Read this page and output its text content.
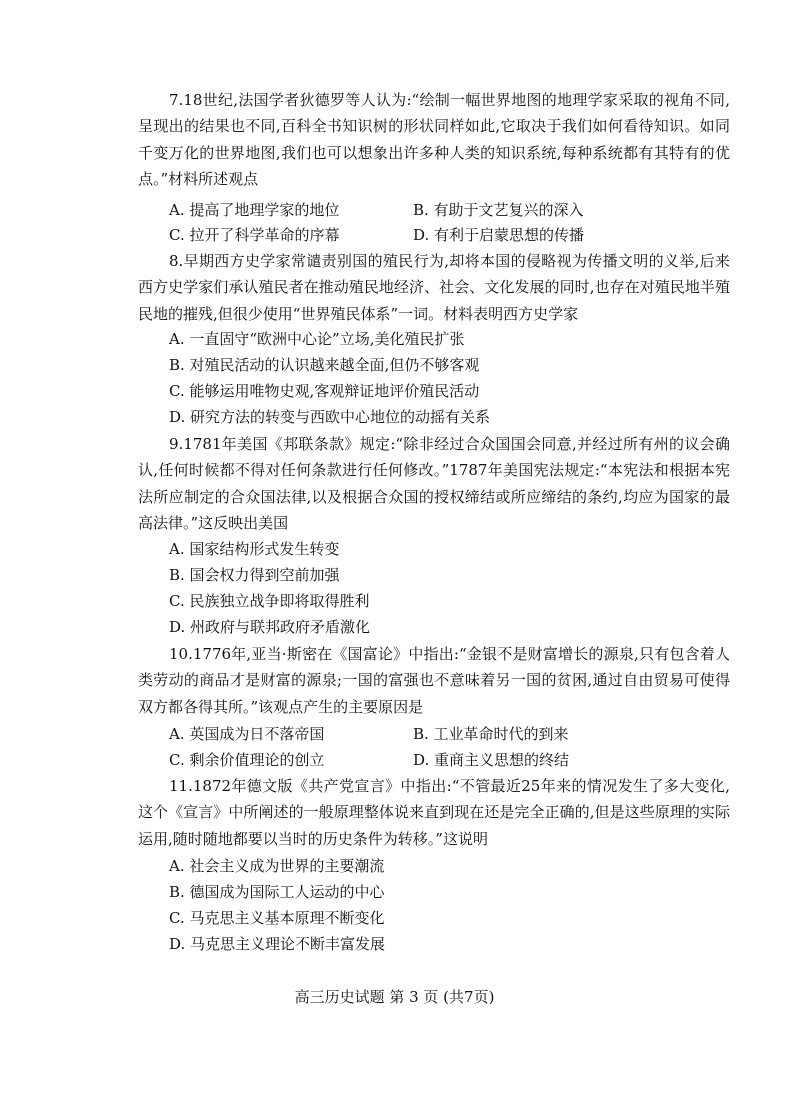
7.18世纪,法国学者狄德罗等人认为:“绘制一幅世界地图的地理学家采取的视角不同,呈现出的结果也不同,百科全书知识树的形状同样如此,它取决于我们如何看待知识。如同千变万化的世界地图,我们也可以想象出许多种人类的知识系统,每种系统都有其特有的优点。”材料所述观点

A. 提高了地理学家的地位	B. 有助于文艺复兴的深入
C. 拉开了科学革命的序幕	D. 有利于启蒙思想的传播

8.早期西方史学家常谴责别国的殖民行为,却将本国的侵略视为传播文明的义举,后来西方史学家们承认殖民者在推动殖民地经济、社会、文化发展的同时,也存在对殖民地半殖民地的摧残,但很少使用“世界殖民体系”一词。材料表明西方史学家

A. 一直固守“欧洲中心论”立场,美化殖民扩张
B. 对殖民活动的认识越来越全面,但仍不够客观
C. 能够运用唯物史观,客观辩证地评价殖民活动
D. 研究方法的转变与西欧中心地位的动摇有关系

9.1781年美国《邦联条款》规定:“除非经过合众国国会同意,并经过所有州的议会确认,任何时候都不得对任何条款进行任何修改。”1787年美国宪法规定:“本宪法和根据本宪法所应制定的合众国法律,以及根据合众国的授权缔结或所应缔结的条约,均应为国家的最高法律。”这反映出美国

A. 国家结构形式发生转变
B. 国会权力得到空前加强
C. 民族独立战争即将取得胜利
D. 州政府与联邦政府矛盾激化

10.1776年,亚当·斯密在《国富论》中指出:“金银不是财富增长的源泉,只有包含着人类劳动的商品才是财富的源泉;一国的富强也不意味着另一国的贫困,通过自由贸易可使得双方都各得其所。”该观点产生的主要原因是

A. 英国成为日不落帝国	B. 工业革命时代的到来
C. 剩余价值理论的创立	D. 重商主义思想的终结

11.1872年德文版《共产党宣言》中指出:“不管最近25年来的情况发生了多大变化,这个《宣言》中所阐述的一般原理整体说来直到现在还是完全正确的,但是这些原理的实际运用,随时随地都要以当时的历史条件为转移。”这说明

A. 社会主义成为世界的主要潮流
B. 德国成为国际工人运动的中心
C. 马克思主义基本原理不断变化
D. 马克思主义理论不断丰富发展
高三历史试题 第 3 页 (共7页)
